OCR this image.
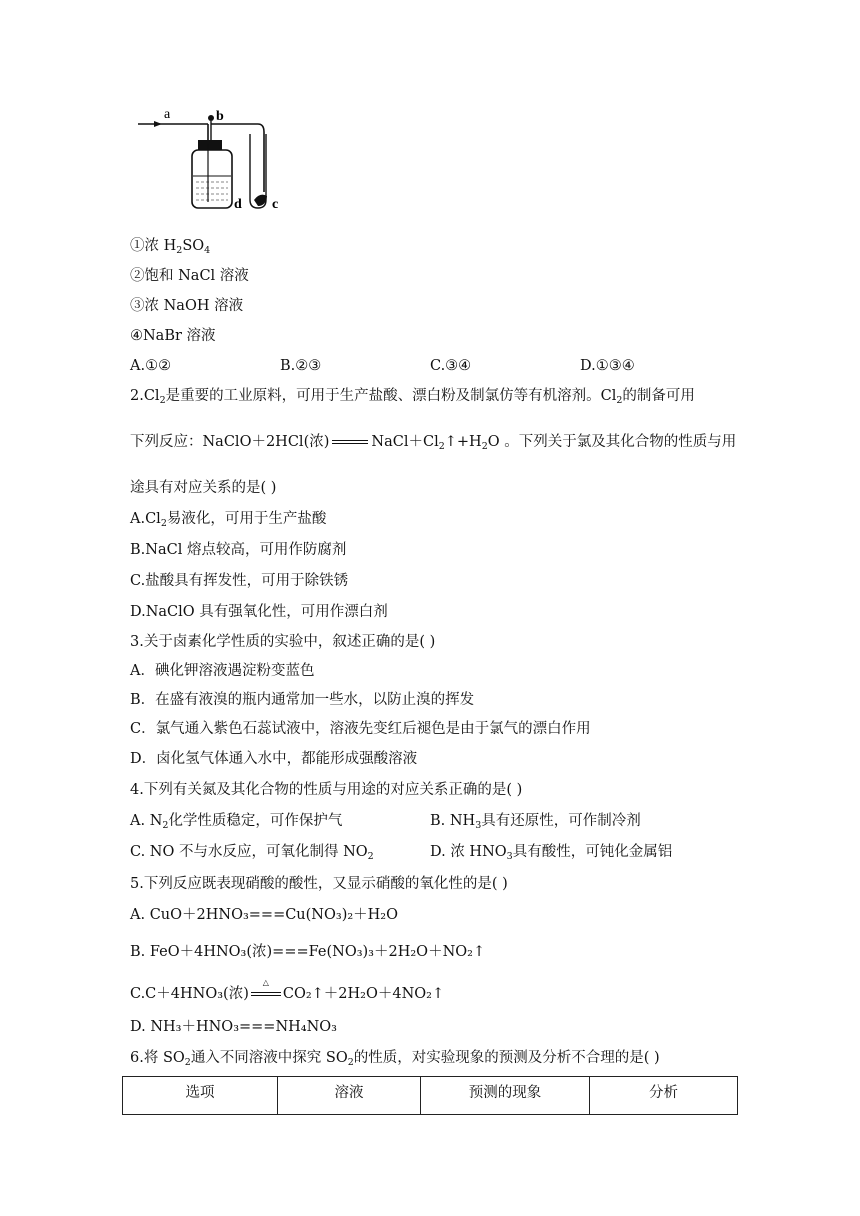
a	b
d c
①浓 $H_2SO_4$
②饱和 NaCl 溶液
③浓 NaOH 溶液
④NaBr 溶液
A.①②	B.②③	C.③④	D.①③④
$2.Cl_2$是重要的工业原料，可用于生产盐酸、漂白粉及制氯仿等有机溶剂。$Cl_2$的制备可用
下列反应：NaClO＋2HCl(浓)	$NaCl+Cl_2↑+H_2O$ 。下列关于氯及其化合物的性质与用
途具有对应关系的是( )
$A.Cl_2$易液化，可用于生产盐酸
B.NaCl 熔点较高，可用作防腐剂
C.盐酸具有挥发性，可用于除铁锈
D.NaClO 具有强氧化性，可用作漂白剂
3.关于卤素化学性质的实验中，叙述正确的是( )
A．碘化钾溶液遇淀粉变蓝色
B．在盛有液溴的瓶内通常加一些水，以防止溴的挥发
C．氯气通入紫色石蕊试液中，溶液先变红后褪色是由于氯气的漂白作用
D．卤化氢气体通入水中，都能形成强酸溶液
4.下列有关氮及其化合物的性质与用途的对应关系正确的是( )
A. $N_2$化学性质稳定，可作保护气	B. $NH_3$具有还原性，可作制冷剂
C. NO 不与水反应，可氧化制得 $NO_2$	D. 浓 $HNO_3$具有酸性，可钝化金属铝
5.下列反应既表现硝酸的酸性，又显示硝酸的氧化性的是( )
A. CuO＋2HNO₃===Cu(NO₃)₂＋H₂O
B. FeO＋4HNO₃(浓)===Fe(NO₃)₃＋2H₂O＋NO₂↑
C.C＋4HNO₃(浓)
△
CO₂↑＋2H₂O＋4NO₂↑
D. NH₃＋HNO₃===NH₄NO₃
6.将 $SO_2$通入不同溶液中探究 $SO_2$的性质，对实验现象的预测及分析不合理的是( )
选项	溶液	预测的现象	分析
